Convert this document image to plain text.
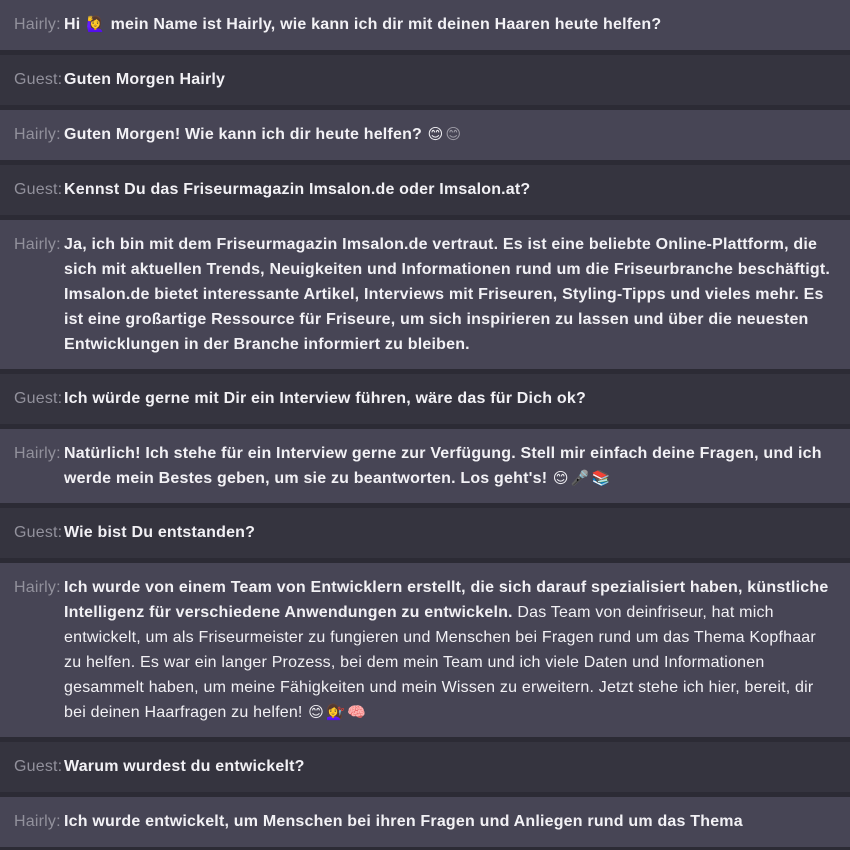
Hairly: Hi 🙋‍♀️ mein Name ist Hairly, wie kann ich dir mit deinen Haaren heute helfen?
Guest: Guten Morgen Hairly
Hairly: Guten Morgen! Wie kann ich dir heute helfen? 😊 😊
Guest: Kennst Du das Friseurmagazin Imsalon.de oder Imsalon.at?
Hairly: Ja, ich bin mit dem Friseurmagazin Imsalon.de vertraut. Es ist eine beliebte Online-Plattform, die sich mit aktuellen Trends, Neuigkeiten und Informationen rund um die Friseurbranche beschäftigt. Imsalon.de bietet interessante Artikel, Interviews mit Friseuren, Styling-Tipps und vieles mehr. Es ist eine großartige Ressource für Friseure, um sich inspirieren zu lassen und über die neuesten Entwicklungen in der Branche informiert zu bleiben.
Guest: Ich würde gerne mit Dir ein Interview führen, wäre das für Dich ok?
Hairly: Natürlich! Ich stehe für ein Interview gerne zur Verfügung. Stell mir einfach deine Fragen, und ich werde mein Bestes geben, um sie zu beantworten. Los geht's! 😊 🎤 📚
Guest: Wie bist Du entstanden?
Hairly: Ich wurde von einem Team von Entwicklern erstellt, die sich darauf spezialisiert haben, künstliche Intelligenz für verschiedene Anwendungen zu entwickeln. Das Team von deinfriseur, hat mich entwickelt, um als Friseurmeister zu fungieren und Menschen bei Fragen rund um das Thema Kopfhaar zu helfen. Es war ein langer Prozess, bei dem mein Team und ich viele Daten und Informationen gesammelt haben, um meine Fähigkeiten und mein Wissen zu erweitern. Jetzt stehe ich hier, bereit, dir bei deinen Haarfragen zu helfen! 😊 💇‍♀️ 🧠
Guest: Warum wurdest du entwickelt?
Hairly: Ich wurde entwickelt, um Menschen bei ihren Fragen und Anliegen rund um das Thema
